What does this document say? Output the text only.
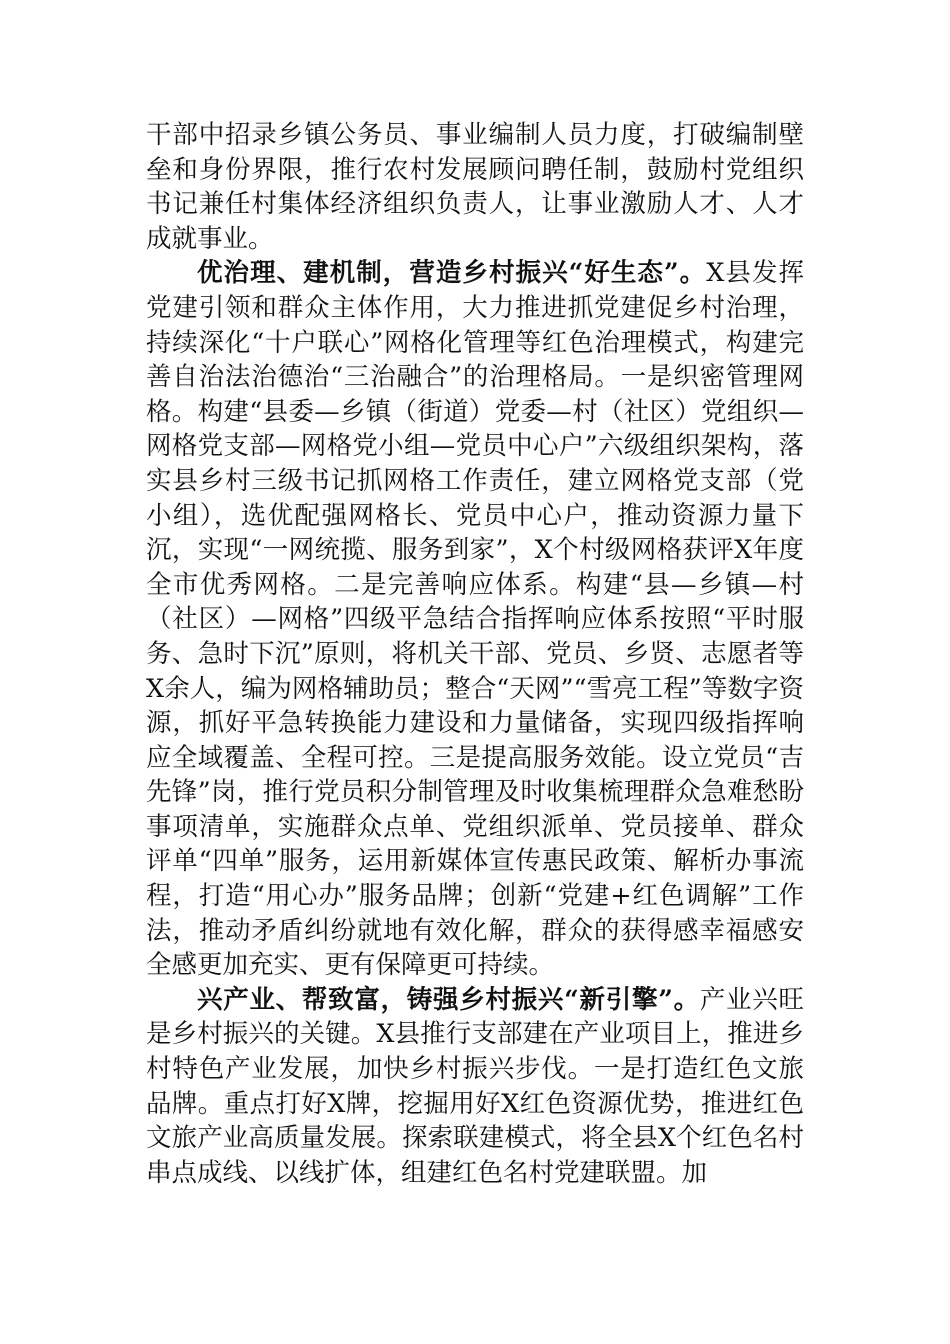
干部中招录乡镇公务员、事业编制人员力度，打破编制壁垒和身份界限，推行农村发展顾问聘任制，鼓励村党组织书记兼任村集体经济组织负责人，让事业激励人才、人才成就事业。

优治理、建机制，营造乡村振兴“好生态”。X县发挥党建引领和群众主体作用，大力推进抓党建促乡村治理，持续深化“十户联心”网格化管理等红色治理模式，构建完善自治法治德治“三治融合”的治理格局。一是织密管理网格。构建“县委—乡镇（街道）党委—村（社区）党组织—网格党支部—网格党小组—党员中心户”六级组织架构，落实县乡村三级书记抓网格工作责任，建立网格党支部（党小组），选优配强网格长、党员中心户，推动资源力量下沉，实现“一网统揽、服务到家”，X个村级网格获评X年度全市优秀网格。二是完善响应体系。构建“县—乡镇—村（社区）—网格”四级平急结合指挥响应体系按照“平时服务、急时下沉”原则，将机关干部、党员、乡贤、志愿者等X余人，编为网格辅助员；整合“天网”“雪亮工程”等数字资源，抓好平急转换能力建设和力量储备，实现四级指挥响应全域覆盖、全程可控。三是提高服务效能。设立党员“吉先锋”岗，推行党员积分制管理及时收集梳理群众急难愁盼事项清单，实施群众点单、党组织派单、党员接单、群众评单“四单”服务，运用新媒体宣传惠民政策、解析办事流程，打造“用心办”服务品牌；创新“党建+红色调解”工作法，推动矛盾纠纷就地有效化解，群众的获得感幸福感安全感更加充实、更有保障更可持续。

兴产业、帮致富，铸强乡村振兴“新引擎”。产业兴旺是乡村振兴的关键。X县推行支部建在产业项目上，推进乡村特色产业发展，加快乡村振兴步伐。一是打造红色文旅品牌。重点打好X牌，挖掘用好X红色资源优势，推进红色文旅产业高质量发展。探索联建模式，将全县X个红色名村串点成线、以线扩体，组建红色名村党建联盟。加
